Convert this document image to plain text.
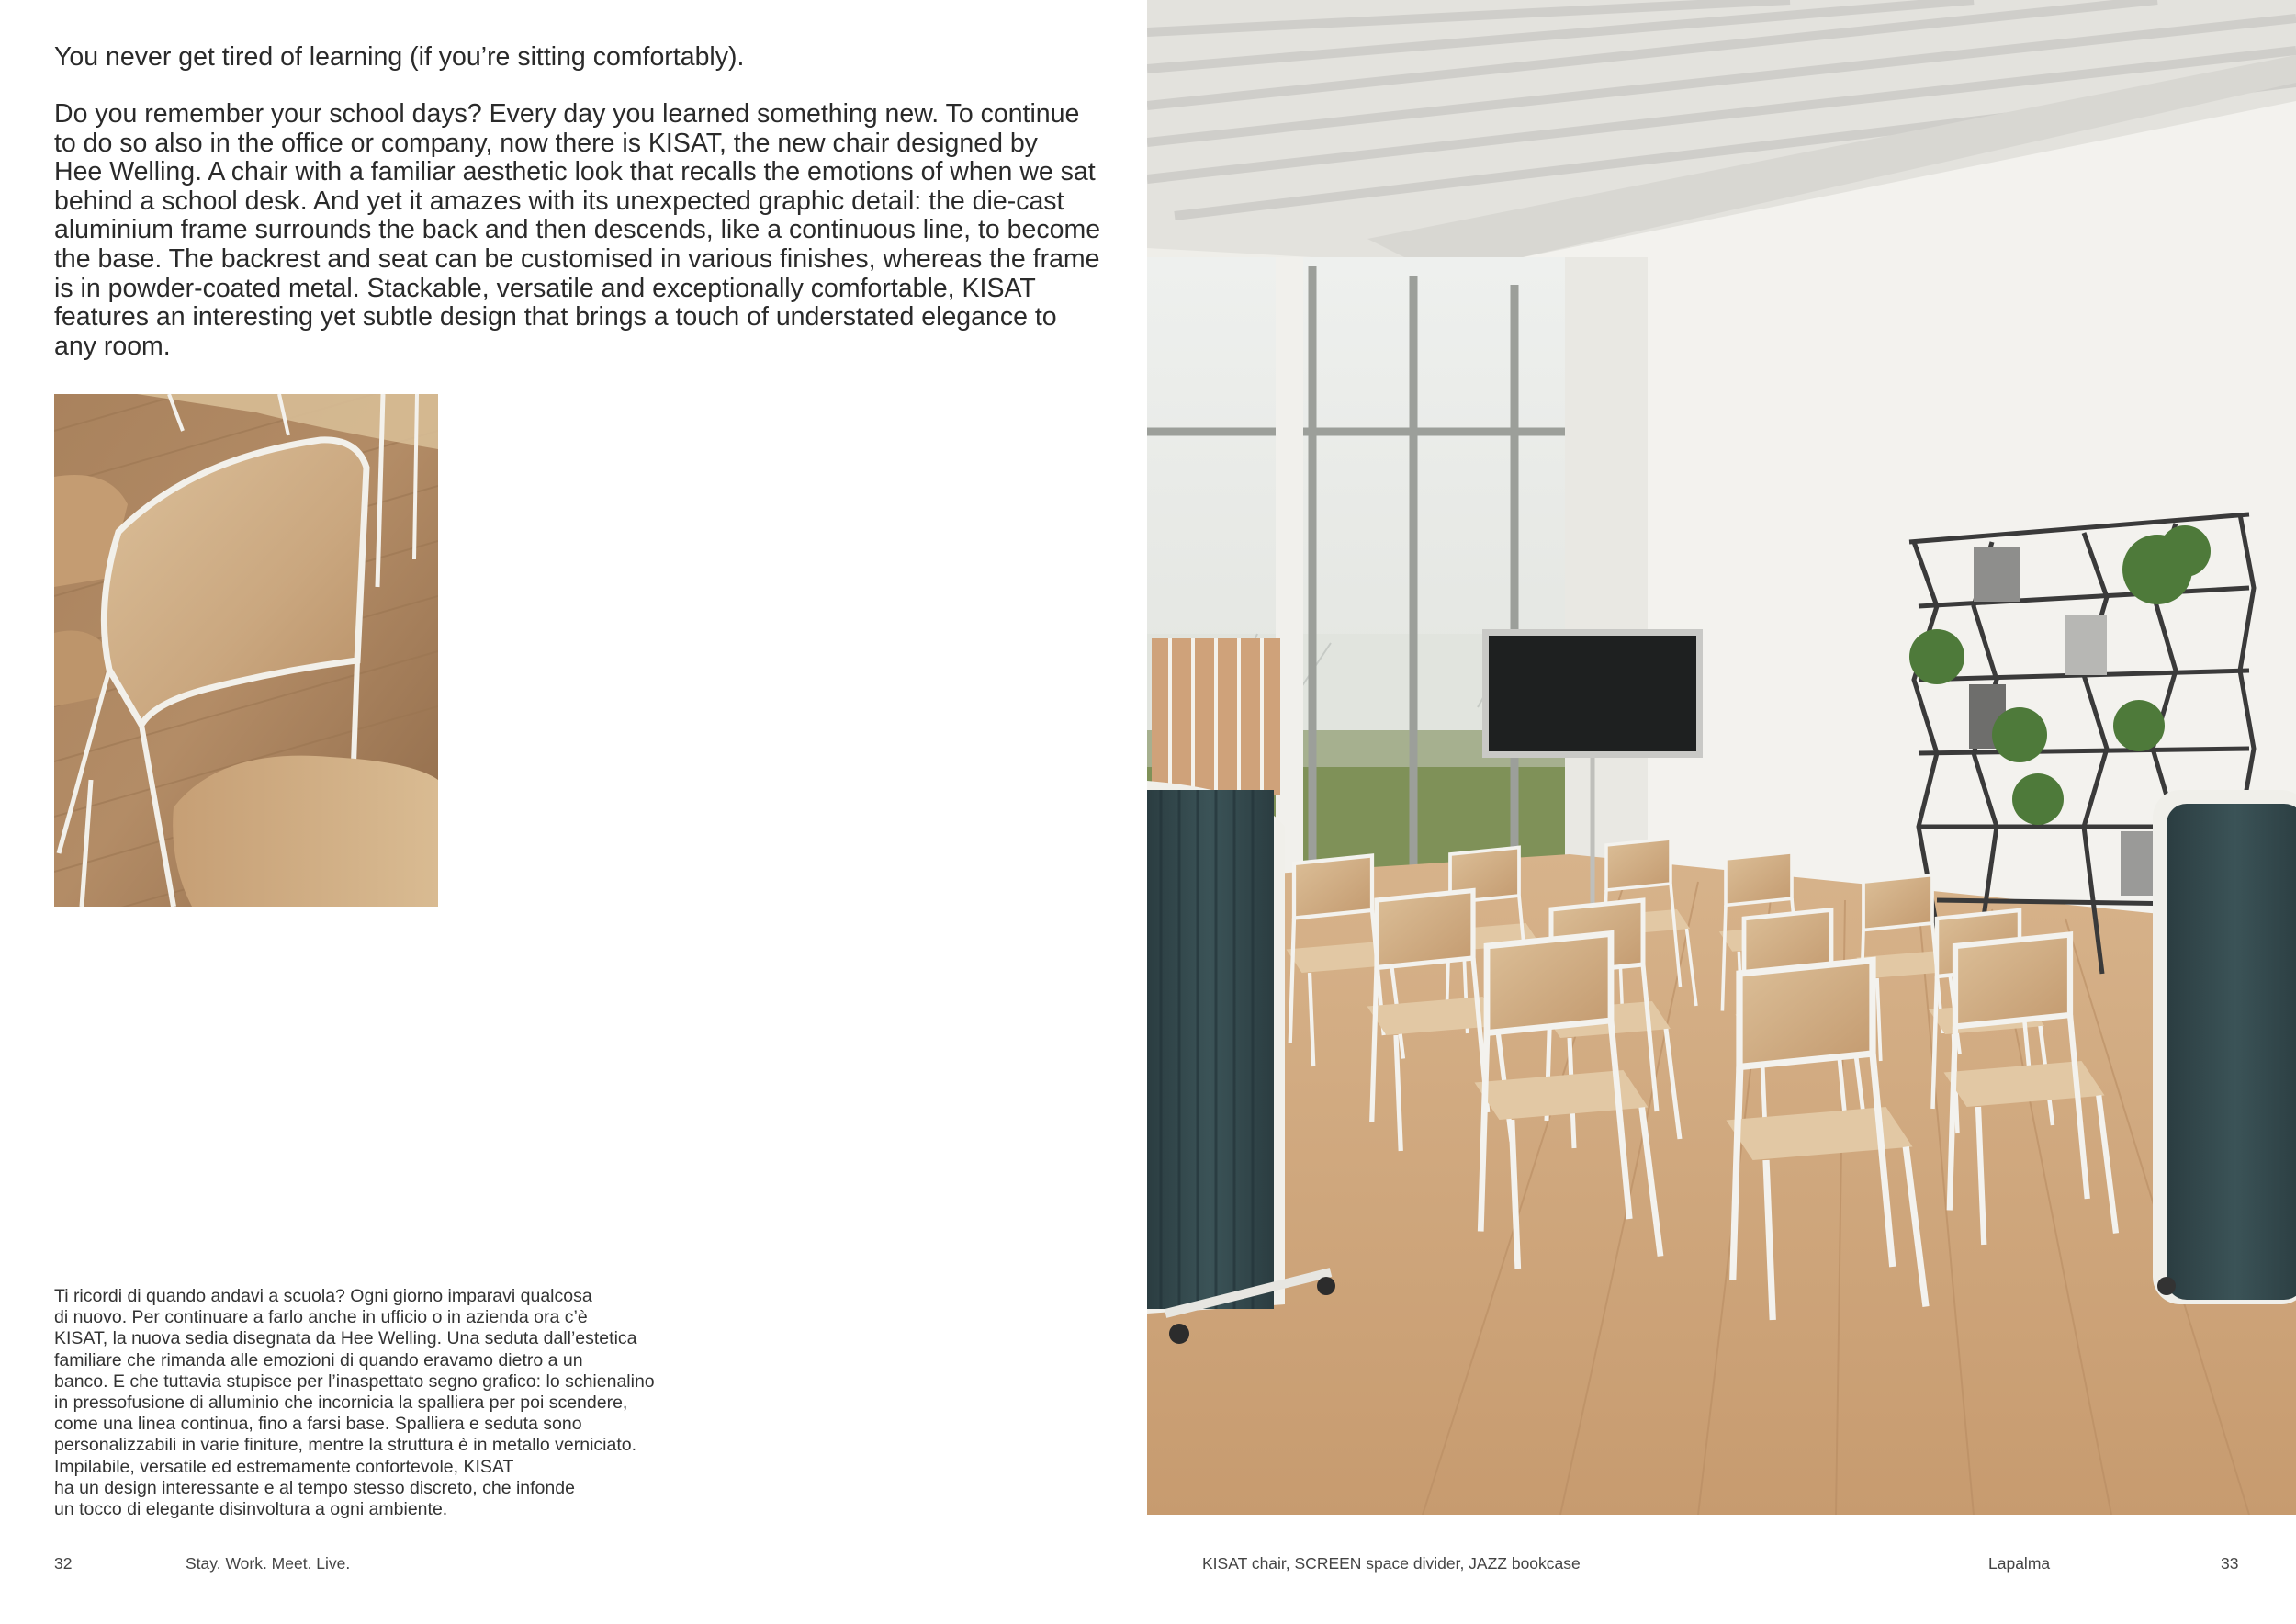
You never get tired of learning (if you’re sitting comfortably).

Do you remember your school days? Every day you learned something new. To continue
to do so also in the office or company, now there is KISAT, the new chair designed by
Hee Welling. A chair with a familiar aesthetic look that recalls the emotions of when we sat
behind a school desk. And yet it amazes with its unexpected graphic detail: the die-cast
aluminium frame surrounds the back and then descends, like a continuous line, to become
the base. The backrest and seat can be customised in various finishes, whereas the frame
is in powder-coated metal. Stackable, versatile and exceptionally comfortable, KISAT
features an interesting yet subtle design that brings a touch of understated elegance to
any room.

Ti ricordi di quando andavi a scuola? Ogni giorno imparavi qualcosa
di nuovo. Per continuare a farlo anche in ufficio o in azienda ora c’è
KISAT, la nuova sedia disegnata da Hee Welling. Una seduta dall’estetica
familiare che rimanda alle emozioni di quando eravamo dietro a un
banco. E che tuttavia stupisce per l’inaspettato segno grafico: lo schienalino
in pressofusione di alluminio che incornicia la spalliera per poi scendere,
come una linea continua, fino a farsi base. Spalliera e seduta sono
personalizzabili in varie finiture, mentre la struttura è in metallo verniciato.
Impilabile, versatile ed estremamente confortevole, KISAT
ha un design interessante e al tempo stesso discreto, che infonde
un tocco di elegante disinvoltura a ogni ambiente.

32	Stay. Work. Meet. Live.	KISAT chair, SCREEN space divider, JAZZ bookcase	Lapalma	33
